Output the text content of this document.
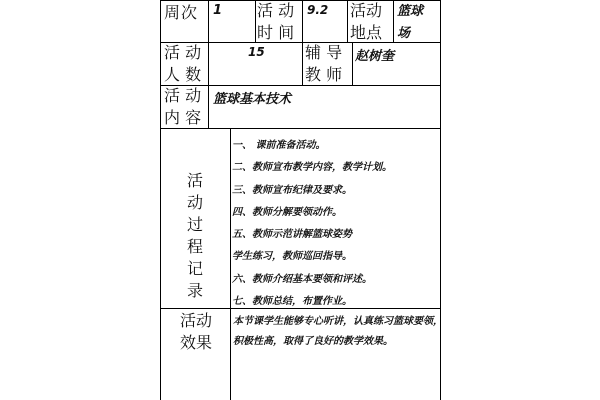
周次 1 活 动
时 间
9.2 活动
地点
篮球
场
活 动
人 数
15	辅 导
教 师
赵树奎
活 动
内 容
篮球基本技术
活
动
过
程
记
录
一、 课前准备活动。
二、教师宣布教学内容，教学计划。
三、教师宣布纪律及要求。
四、教师分解要领动作。
五、教师示范讲解篮球姿势
学生练习，教师巡回指导。
六、教师介绍基本要领和评述。
七、教师总结，布置作业。
活动
效果
本节课学生能够专心听讲，认真练习篮球要领，积极性高，取得了良好的教学效果。
